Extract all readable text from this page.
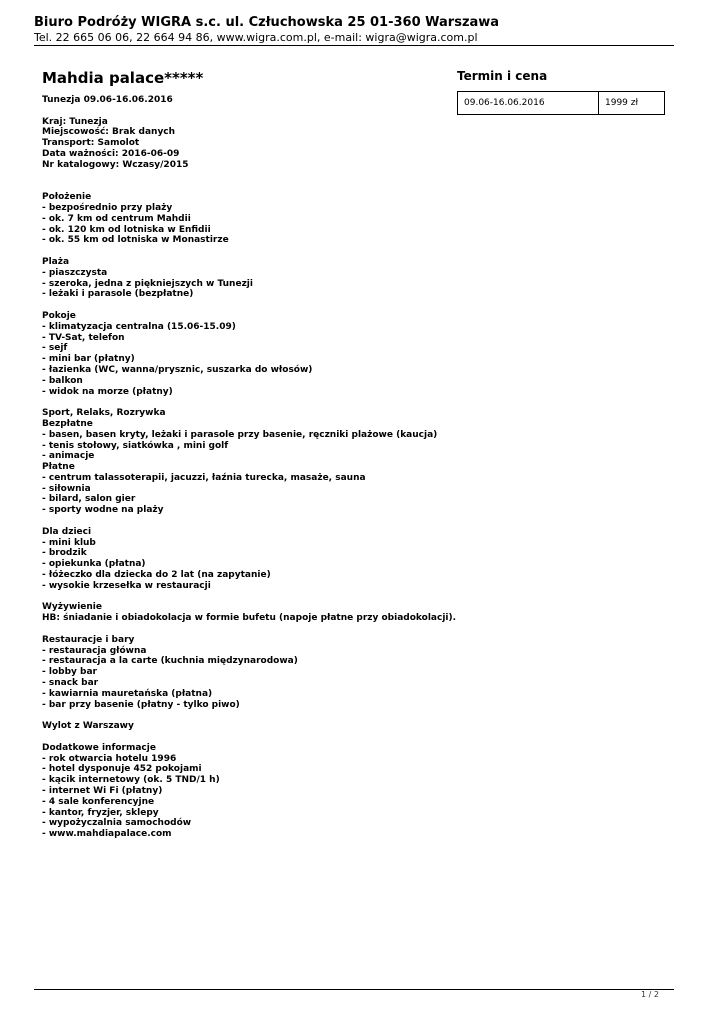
Biuro Podróży WIGRA s.c. ul. Człuchowska 25 01-360 Warszawa
Tel. 22 665 06 06, 22 664 94 86, www.wigra.com.pl, e-mail: wigra@wigra.com.pl
Mahdia palace*****
Tunezja 09.06-16.06.2016
Kraj: Tunezja
Miejscowość: Brak danych
Transport: Samolot
Data ważności: 2016-06-09
Nr katalogowy: Wczasy/2015
Położenie
- bezpośrednio przy plaży
- ok. 7 km od centrum Mahdii
- ok. 120 km od lotniska w Enfidii
- ok. 55 km od lotniska w Monastirze
Plaża
- piaszczysta
- szeroka, jedna z piękniejszych w Tunezji
- leżaki i parasole (bezpłatne)
Pokoje
- klimatyzacja centralna (15.06-15.09)
- TV-Sat, telefon
- sejf
- mini bar (płatny)
- łazienka (WC, wanna/prysznic, suszarka do włosów)
- balkon
- widok na morze (płatny)
Sport, Relaks, Rozrywka
Bezpłatne
- basen, basen kryty, leżaki i parasole przy basenie, ręczniki plażowe (kaucja)
- tenis stołowy, siatkówka , mini golf
- animacje
Płatne
- centrum talassoterapii, jacuzzi, łaźnia turecka, masaże, sauna
- siłownia
- bilard, salon gier
- sporty wodne na plaży
Dla dzieci
- mini klub
- brodzik
- opiekunka (płatna)
- łóżeczko dla dziecka do 2 lat (na zapytanie)
- wysokie krzesełka w restauracji
Wyżywienie
HB: śniadanie i obiadokolacja w formie bufetu (napoje płatne przy obiadokolacji).
Restauracje i bary
- restauracja główna
- restauracja a la carte (kuchnia międzynarodowa)
- lobby bar
- snack bar
- kawiarnia mauretańska (płatna)
- bar przy basenie (płatny - tylko piwo)
Wylot z Warszawy
Dodatkowe informacje
- rok otwarcia hotelu 1996
- hotel dysponuje 452 pokojami
- kącik internetowy (ok. 5 TND/1 h)
- internet Wi Fi (płatny)
- 4 sale konferencyjne
- kantor, fryzjer, sklepy
- wypożyczalnia samochodów
- www.mahdiapalace.com
Termin i cena
09.06-16.06.2016	1999 zł
1 / 2
